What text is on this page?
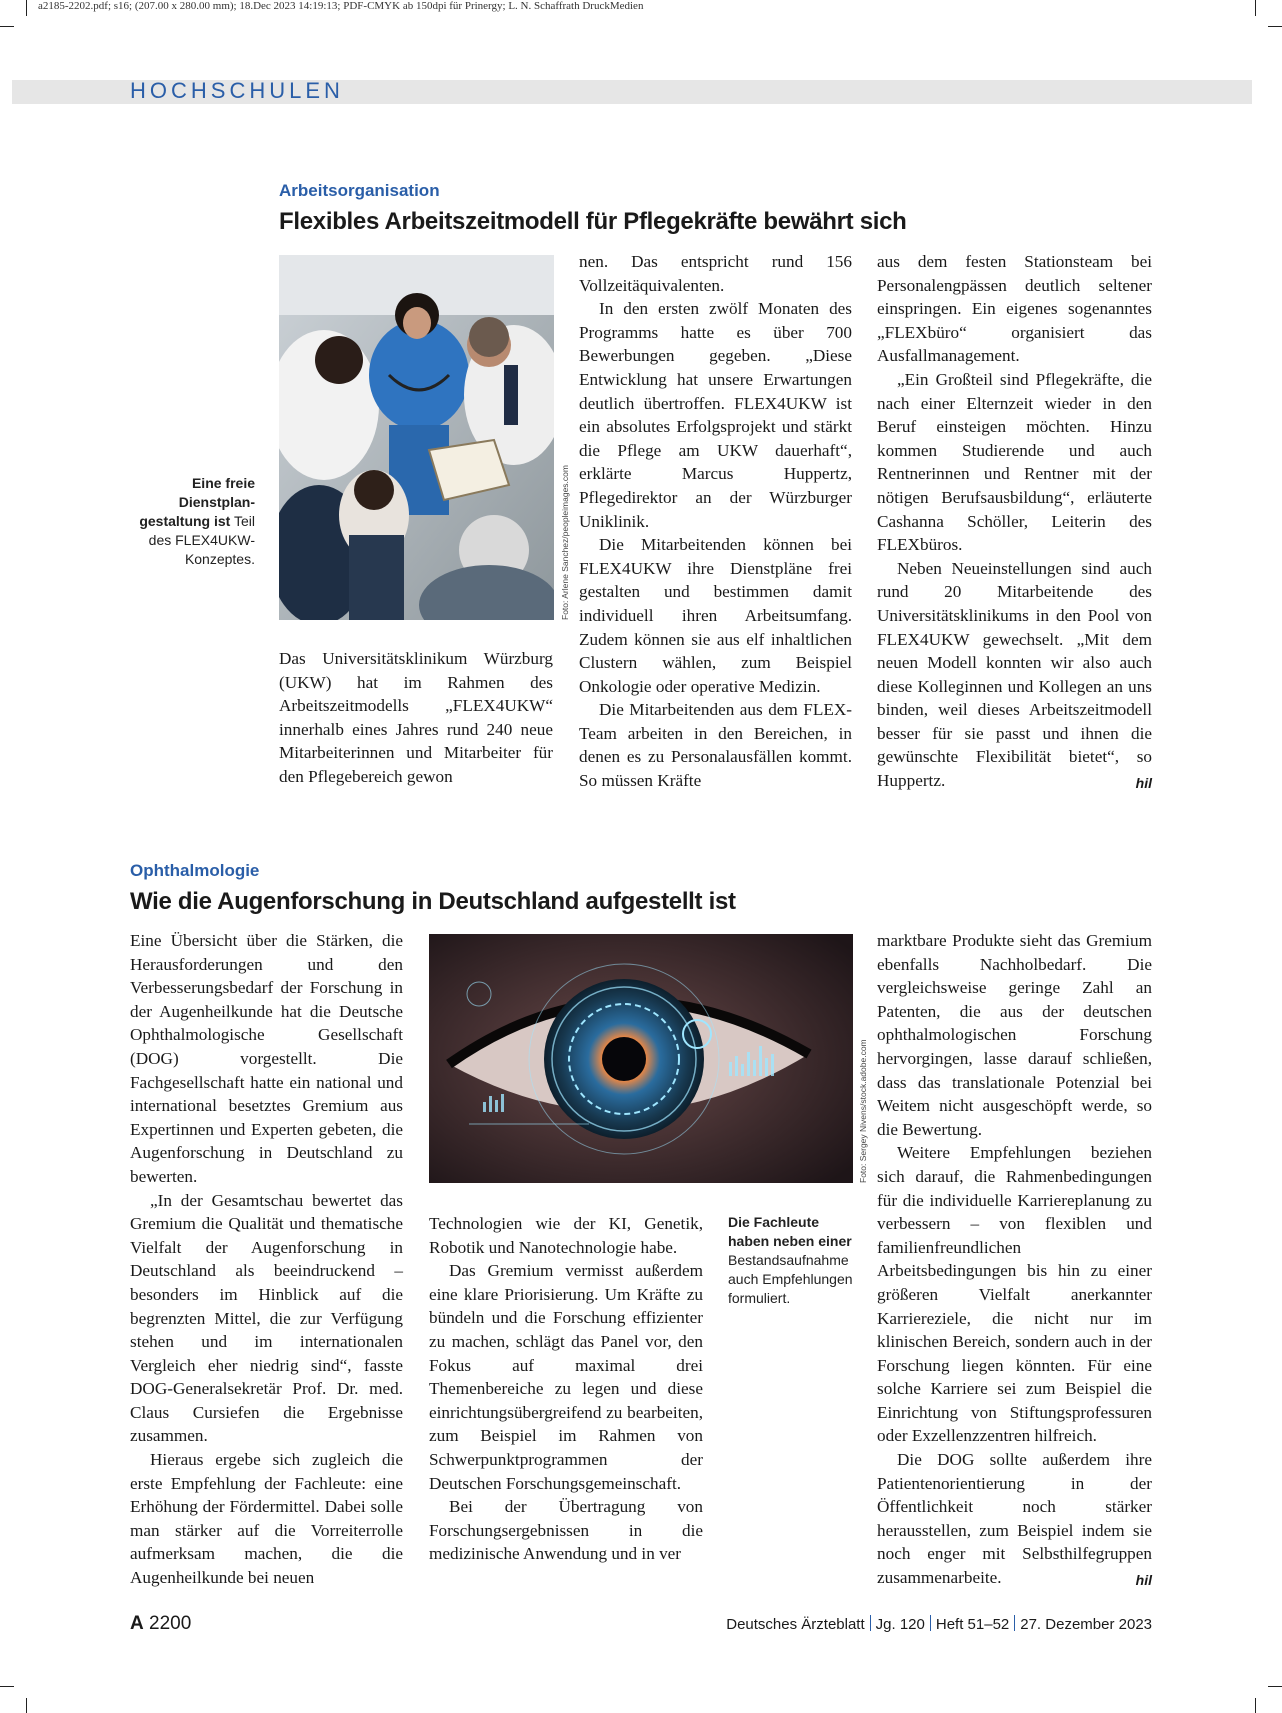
a2185-2202.pdf; s16; (207.00 x 280.00 mm); 18.Dec 2023 14:19:13; PDF-CMYK ab 150dpi für Prinergy; L. N. Schaffrath DruckMedien
HOCHSCHULEN
Arbeitsorganisation
Flexibles Arbeitszeitmodell für Pflegekräfte bewährt sich
Eine freie Dienstplangestaltung ist Teil des FLEX4UKW-Konzeptes.	Foto: Arlene Sanchez/peopleimages.com

Das Universitätsklinikum Würzburg (UKW) hat im Rahmen des Arbeitszeitmodells „FLEX4UKW“ innerhalb eines Jahres rund 240 neue Mitarbeiterinnen und Mitarbeiter für den Pflegebereich gewon

nen. Das entspricht rund 156 Vollzeitäquivalenten.

In den ersten zwölf Monaten des Programms hatte es über 700 Bewerbungen gegeben. „Diese Entwicklung hat unsere Erwartungen deutlich übertroffen. FLEX4UKW ist ein absolutes Erfolgsprojekt und stärkt die Pflege am UKW dauerhaft“, erklärte Marcus Huppertz, Pflegedirektor an der Würzburger Uniklinik.

Die Mitarbeitenden können bei FLEX4UKW ihre Dienstpläne frei gestalten und bestimmen damit individuell ihren Arbeitsumfang. Zudem können sie aus elf inhaltlichen Clustern wählen, zum Beispiel Onkologie oder operative Medizin.

Die Mitarbeitenden aus dem FLEX-Team arbeiten in den Bereichen, in denen es zu Personalausfällen kommt. So müssen Kräfte

aus dem festen Stationsteam bei Personalengpässen deutlich seltener einspringen. Ein eigenes sogenanntes „FLEXbüro“ organisiert das Ausfallmanagement.

„Ein Großteil sind Pflegekräfte, die nach einer Elternzeit wieder in den Beruf einsteigen möchten. Hinzu kommen Studierende und auch Rentnerinnen und Rentner mit der nötigen Berufsausbildung“, erläuterte Cashanna Schöller, Leiterin des FLEXbüros.

Neben Neueinstellungen sind auch rund 20 Mitarbeitende des Universitätsklinikums in den Pool von FLEX4UKW gewechselt. „Mit dem neuen Modell konnten wir also auch diese Kolleginnen und Kollegen an uns binden, weil dieses Arbeitszeitmodell besser für sie passt und ihnen die gewünschte Flexibilität bietet“, so Huppertz.	hil

Ophthalmologie
Wie die Augenforschung in Deutschland aufgestellt ist

Eine Übersicht über die Stärken, die Herausforderungen und den Verbesserungsbedarf der Forschung in der Augenheilkunde hat die Deutsche Ophthalmologische Gesellschaft (DOG) vorgestellt. Die Fachgesellschaft hatte ein national und international besetztes Gremium aus Expertinnen und Experten gebeten, die Augenforschung in Deutschland zu bewerten.

„In der Gesamtschau bewertet das Gremium die Qualität und thematische Vielfalt der Augenforschung in Deutschland als beeindruckend – besonders im Hinblick auf die begrenzten Mittel, die zur Verfügung stehen und im internationalen Vergleich eher niedrig sind“, fasste DOG-Generalsekretär Prof. Dr. med. Claus Cursiefen die Ergebnisse zusammen.

Hieraus ergebe sich zugleich die erste Empfehlung der Fachleute: eine Erhöhung der Fördermittel. Dabei solle man stärker auf die Vorreiterrolle aufmerksam machen, die die Augenheilkunde bei neuen

Foto: Sergey Nivens/stock.adobe.com

Technologien wie der KI, Genetik, Robotik und Nanotechnologie habe.

Das Gremium vermisst außerdem eine klare Priorisierung. Um Kräfte zu bündeln und die Forschung effizienter zu machen, schlägt das Panel vor, den Fokus auf maximal drei Themenbereiche zu legen und diese einrichtungsübergreifend zu bearbeiten, zum Beispiel im Rahmen von Schwerpunktprogrammen der Deutschen Forschungsgemeinschaft.

Bei der Übertragung von Forschungsergebnissen in die medizinische Anwendung und in ver

Die Fachleute haben neben einer Bestandsaufnahme auch Empfehlungen formuliert.

marktbare Produkte sieht das Gremium ebenfalls Nachholbedarf. Die vergleichsweise geringe Zahl an Patenten, die aus der deutschen ophthalmologischen Forschung hervorgingen, lasse darauf schließen, dass das translationale Potenzial bei Weitem nicht ausgeschöpft werde, so die Bewertung.

Weitere Empfehlungen beziehen sich darauf, die Rahmenbedingungen für die individuelle Karriereplanung zu verbessern – von flexiblen und familienfreundlichen Arbeitsbedingungen bis hin zu einer größeren Vielfalt anerkannter Karriereziele, die nicht nur im klinischen Bereich, sondern auch in der Forschung liegen könnten. Für eine solche Karriere sei zum Beispiel die Einrichtung von Stiftungsprofessuren oder Exzellenzzentren hilfreich.

Die DOG sollte außerdem ihre Patientenorientierung in der Öffentlichkeit noch stärker herausstellen, zum Beispiel indem sie noch enger mit Selbsthilfegruppen zusammenarbeite.	hil

A 2200	Deutsches Ärzteblatt Jg. 120 Heft 51–52 27. Dezember 2023
